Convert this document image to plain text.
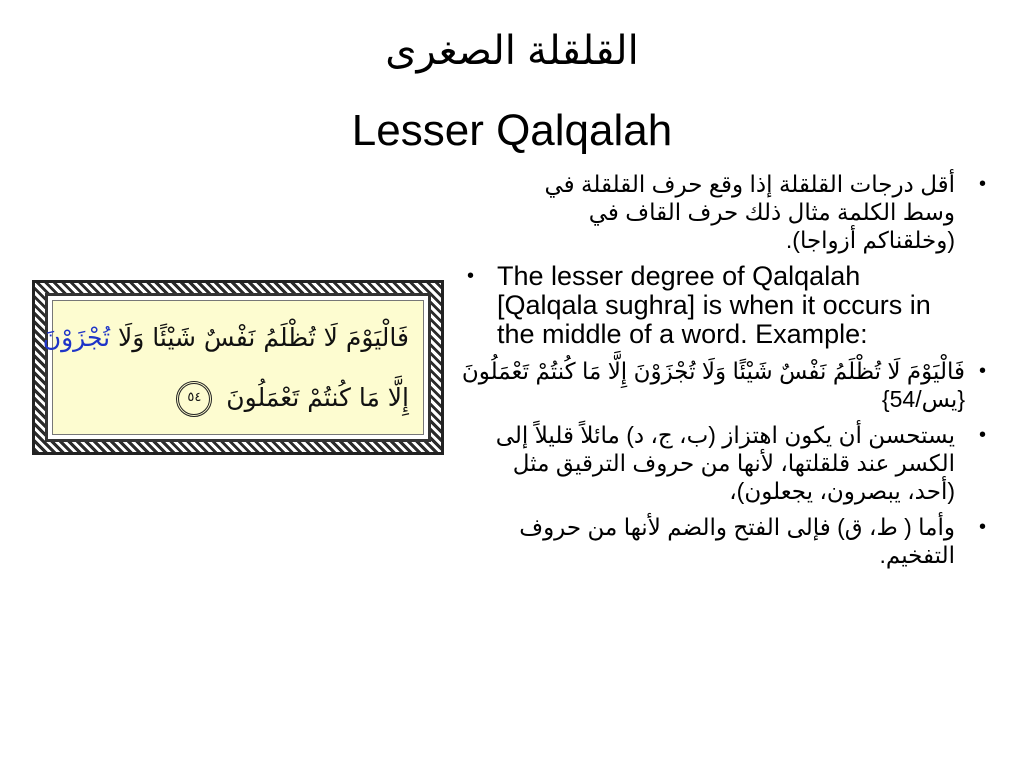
القلقلة الصغرى
Lesser Qalqalah
فَالْيَوْمَ لَا تُظْلَمُ نَفْسٌ شَيْئًا وَلَا تُجْزَوْنَ
إِلَّا مَا كُنتُمْ تَعْمَلُونَ ٥٤
•
أقل درجات القلقلة إذا وقع حرف القلقلة في وسط الكلمة مثال ذلك حرف القاف في (وخلقناكم أزواجا).
• The lesser degree of Qalqalah [Qalqala sughra] is when it occurs in the middle of a word. Example:
•
فَالْيَوْمَ لَا تُظْلَمُ نَفْسٌ شَيْئًا وَلَا تُجْزَوْنَ إِلَّا مَا كُنتُمْ تَعْمَلُونَ {يس/54}
•
يستحسن أن يكون اهتزاز (ب، ج، د) مائلاً قليلاً إلى الكسر عند قلقلتها، لأنها من حروف الترقيق مثل (أحد، يبصرون، يجعلون)،
•
وأما ( ط، ق) فإلى الفتح والضم لأنها من حروف التفخيم.
